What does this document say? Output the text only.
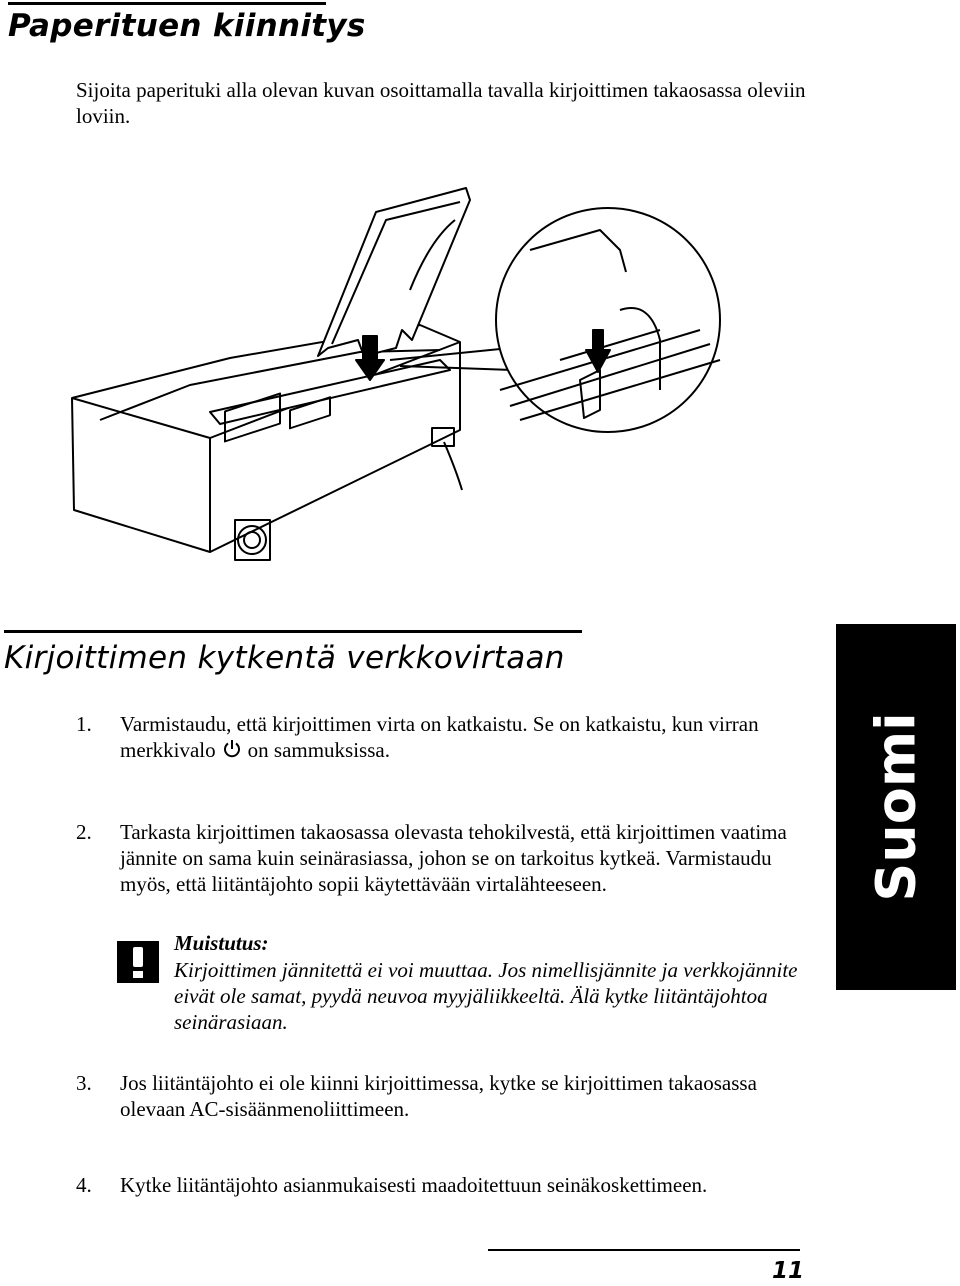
Paperituen kiinnitys
Sijoita paperituki alla olevan kuvan osoittamalla tavalla kirjoittimen takaosassa oleviin loviin.
Kirjoittimen kytkentä verkkovirtaan
1. Varmistaudu, että kirjoittimen virta on katkaistu. Se on katkaistu, kun virran merkkivalo on sammuksissa.
2. Tarkasta kirjoittimen takaosassa olevasta tehokilvestä, että kirjoittimen vaatima jännite on sama kuin seinärasiassa, johon se on tarkoitus kytkeä. Varmistaudu myös, että liitäntäjohto sopii käytettävään virtalähteeseen.
Muistutus:
Kirjoittimen jännitettä ei voi muuttaa. Jos nimellisjännite ja verkkojännite eivät ole samat, pyydä neuvoa myyjäliikkeeltä. Älä kytke liitäntäjohtoa seinärasiaan.
3. Jos liitäntäjohto ei ole kiinni kirjoittimessa, kytke se kirjoittimen takaosassa olevaan AC-sisäänmenoliittimeen.
4. Kytke liitäntäjohto asianmukaisesti maadoitettuun seinäkoskettimeen.
Suomi
11
